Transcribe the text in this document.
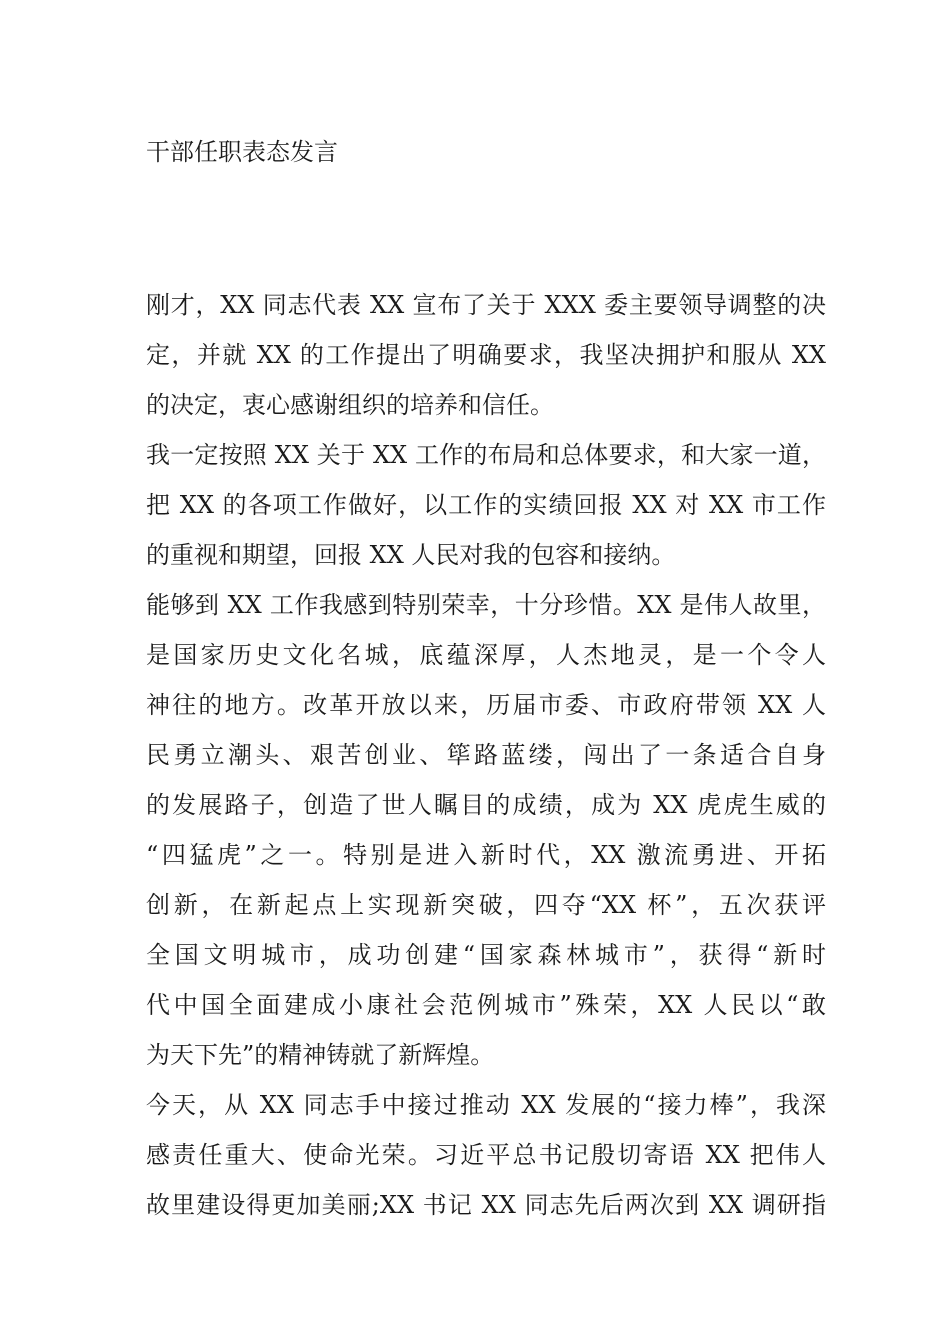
干部任职表态发言
刚才，XX 同志代表 XX 宣布了关于 XXX 委主要领导调整的决
定，并就 XX 的工作提出了明确要求，我坚决拥护和服从 XX
的决定，衷心感谢组织的培养和信任。
我一定按照 XX 关于 XX 工作的布局和总体要求，和大家一道，
把 XX 的各项工作做好，以工作的实绩回报 XX 对 XX 市工作
的重视和期望，回报 XX 人民对我的包容和接纳。
能够到 XX 工作我感到特别荣幸，十分珍惜。XX 是伟人故里，
是国家历史文化名城，底蕴深厚，人杰地灵，是一个令人
神往的地方。改革开放以来，历届市委、市政府带领 XX 人
民勇立潮头、艰苦创业、筚路蓝缕，闯出了一条适合自身
的发展路子，创造了世人瞩目的成绩，成为 XX 虎虎生威的
“四猛虎”之一。特别是进入新时代，XX 激流勇进、开拓
创新，在新起点上实现新突破，四夺“XX 杯”，五次获评
全国文明城市，成功创建“国家森林城市”，获得“新时
代中国全面建成小康社会范例城市”殊荣，XX 人民以“敢
为天下先”的精神铸就了新辉煌。
今天，从 XX 同志手中接过推动 XX 发展的“接力棒”，我深
感责任重大、使命光荣。习近平总书记殷切寄语 XX 把伟人
故里建设得更加美丽;XX 书记 XX 同志先后两次到 XX 调研指
